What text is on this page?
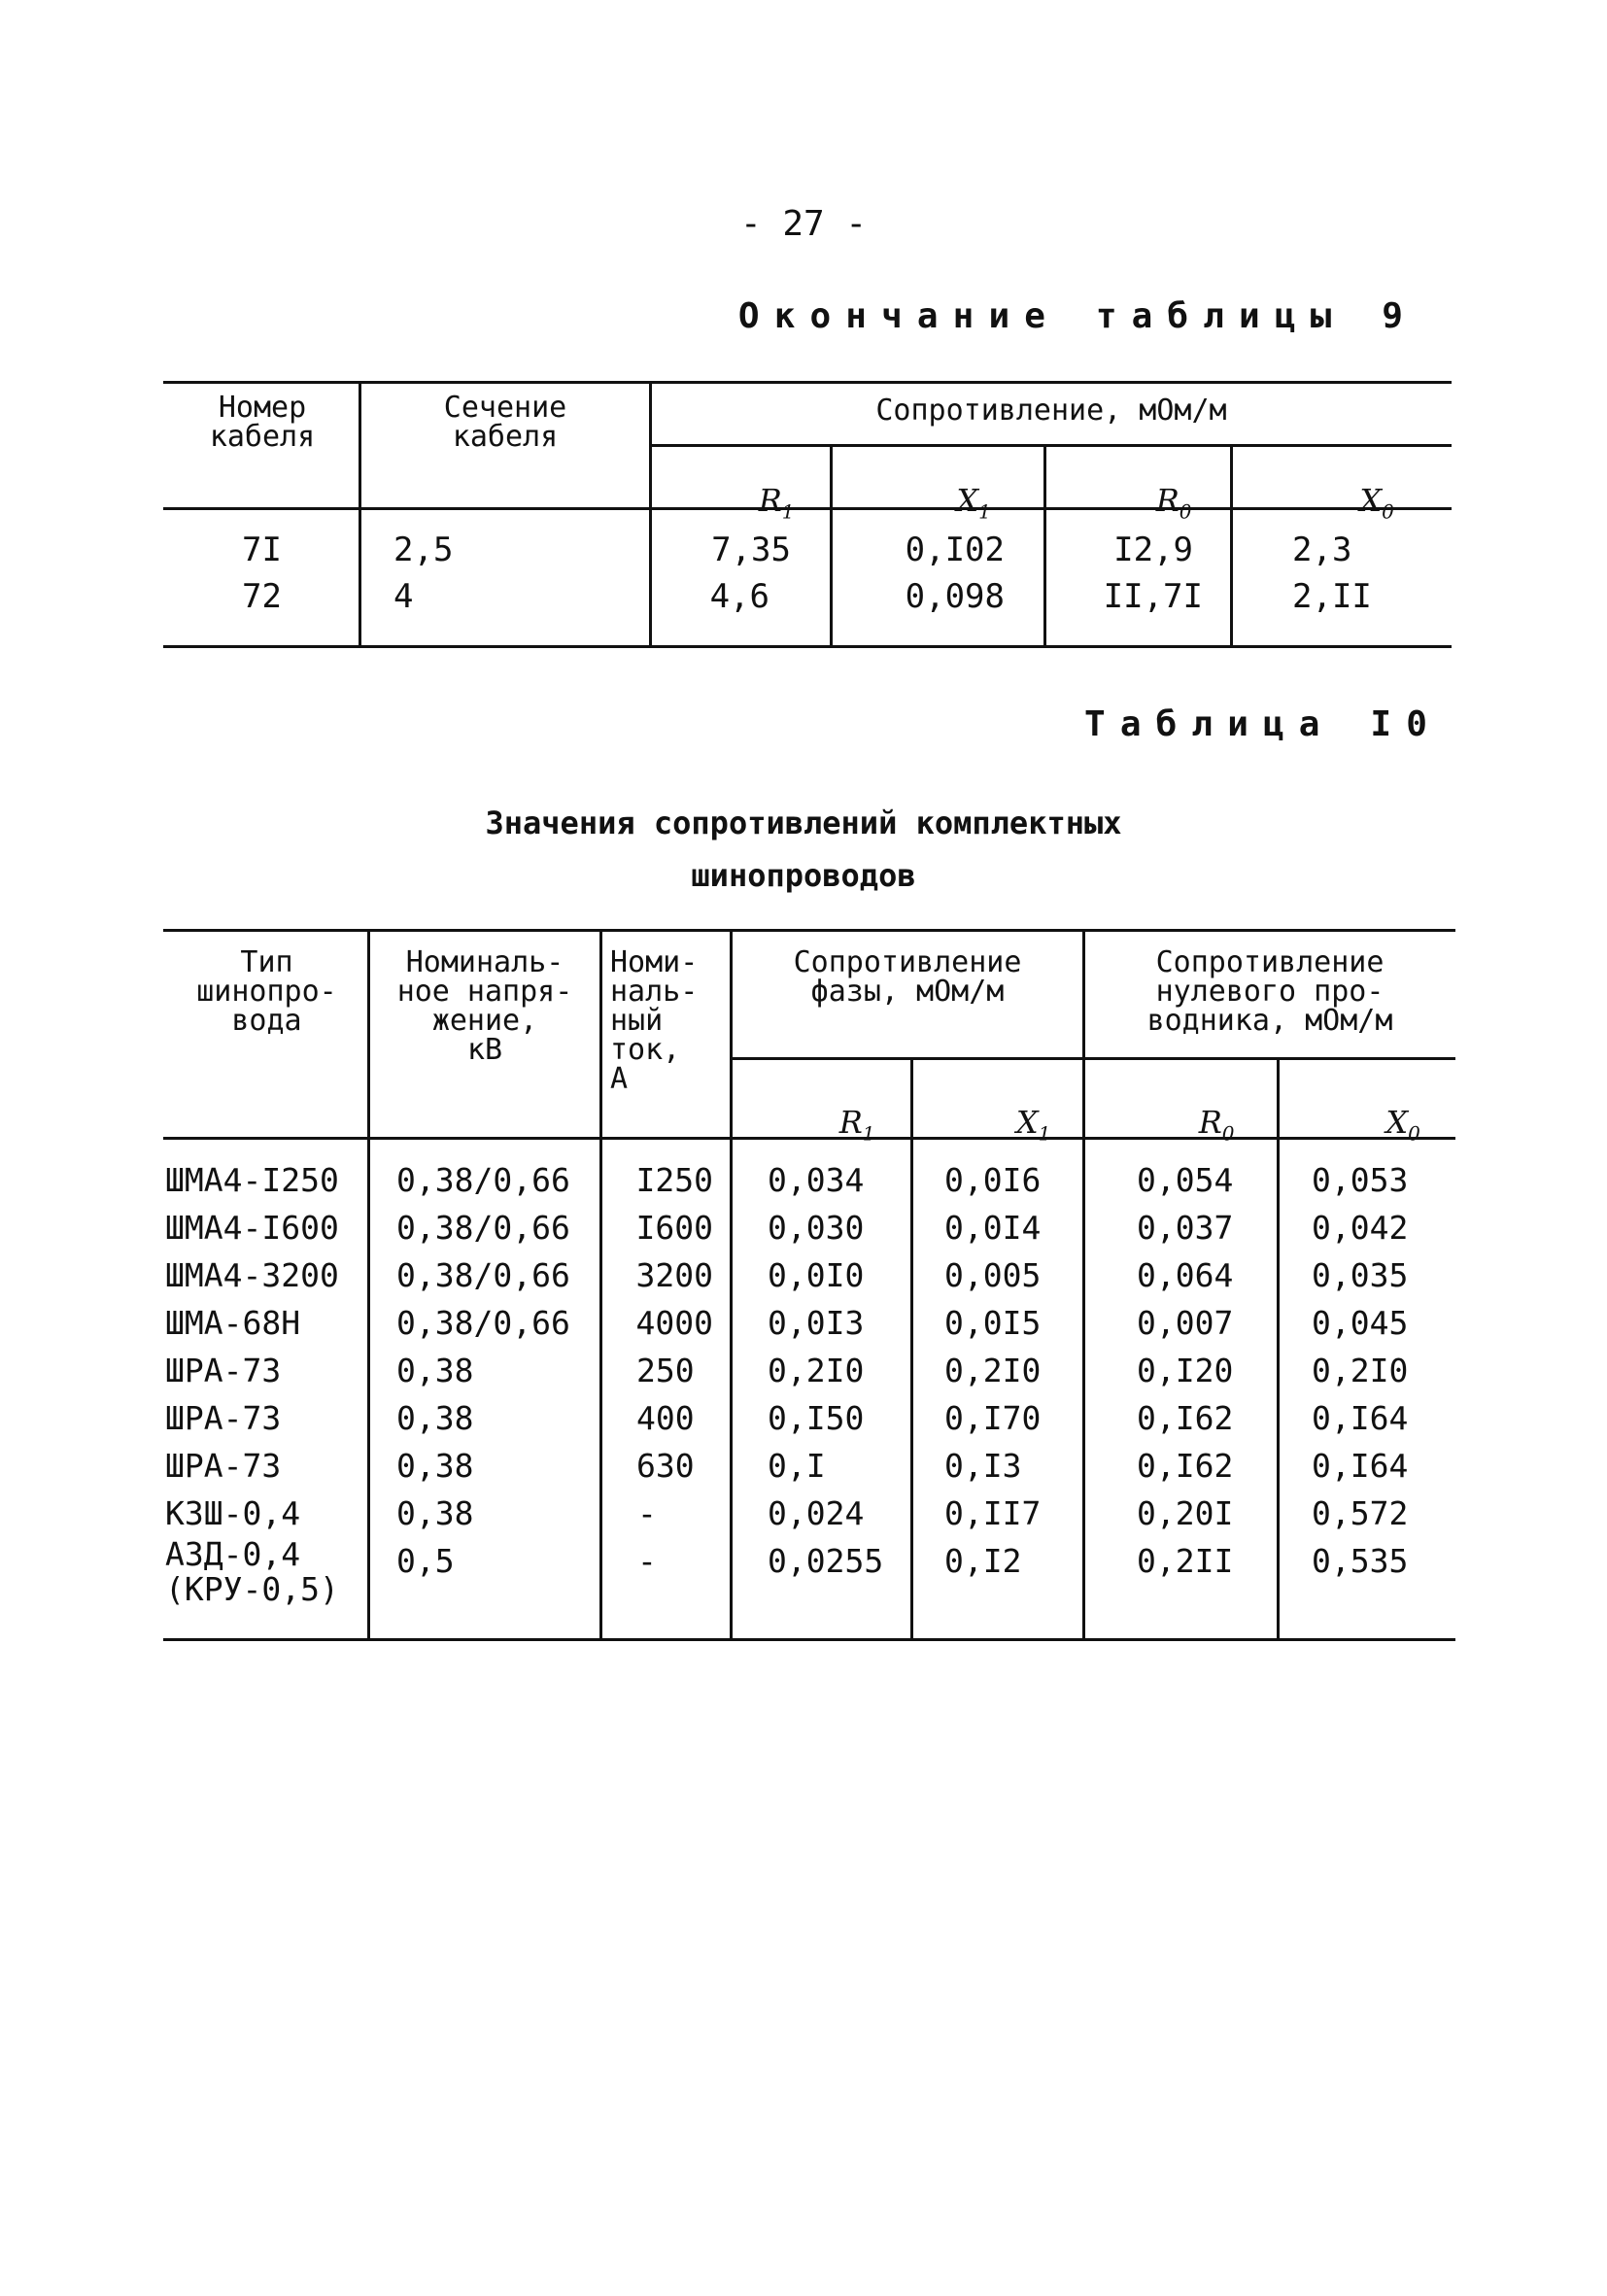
- 27 -
Окончание таблицы 9
Номер
кабеля
Сечение
кабеля
Сопротивление, мОм/м

$R_1$
	$X_1$
	$R_0$
	$X_0$

7I	2,5	7,35	0,I02	I2,9	2,3
72	4	4,6	0,098	II,7I	2,II
Таблица I0
Значения сопротивлений комплектных
шинопроводов
Тип
шинопро-
вода
Номиналь-
ное напря-
жение,
кВ
Номи-
наль-
ный
ток,
А
Сопротивление
фазы, мОм/м
Сопротивление
нулевого про-
водника, мОм/м

$R_1$
	$X_1$
	$R_0$
	$X_0$

ШМА4-I250 0,38/0,66	I250 0,034	0,0I6	0,054 0,053
ШМА4-I600 0,38/0,66	I600 0,030	0,0I4	0,037 0,042
ШМА4-3200 0,38/0,66	3200 0,0I0	0,005	0,064 0,035
ШМА-68Н	0,38/0,66	4000 0,0I3	0,0I5	0,007 0,045
ШРА-73	0,38	250 0,2I0	0,2I0	0,I20 0,2I0
ШРА-73	0,38	400 0,I50	0,I70	0,I62 0,I64
ШРА-73	0,38	630 0,I	0,I3	0,I62 0,I64
КЗШ-0,4	0,38	-	0,024	0,II7	0,20I 0,572
АЗД-0,4
(КРУ-0,5)
0,5	-	0,0255 0,I2	0,2II 0,535
